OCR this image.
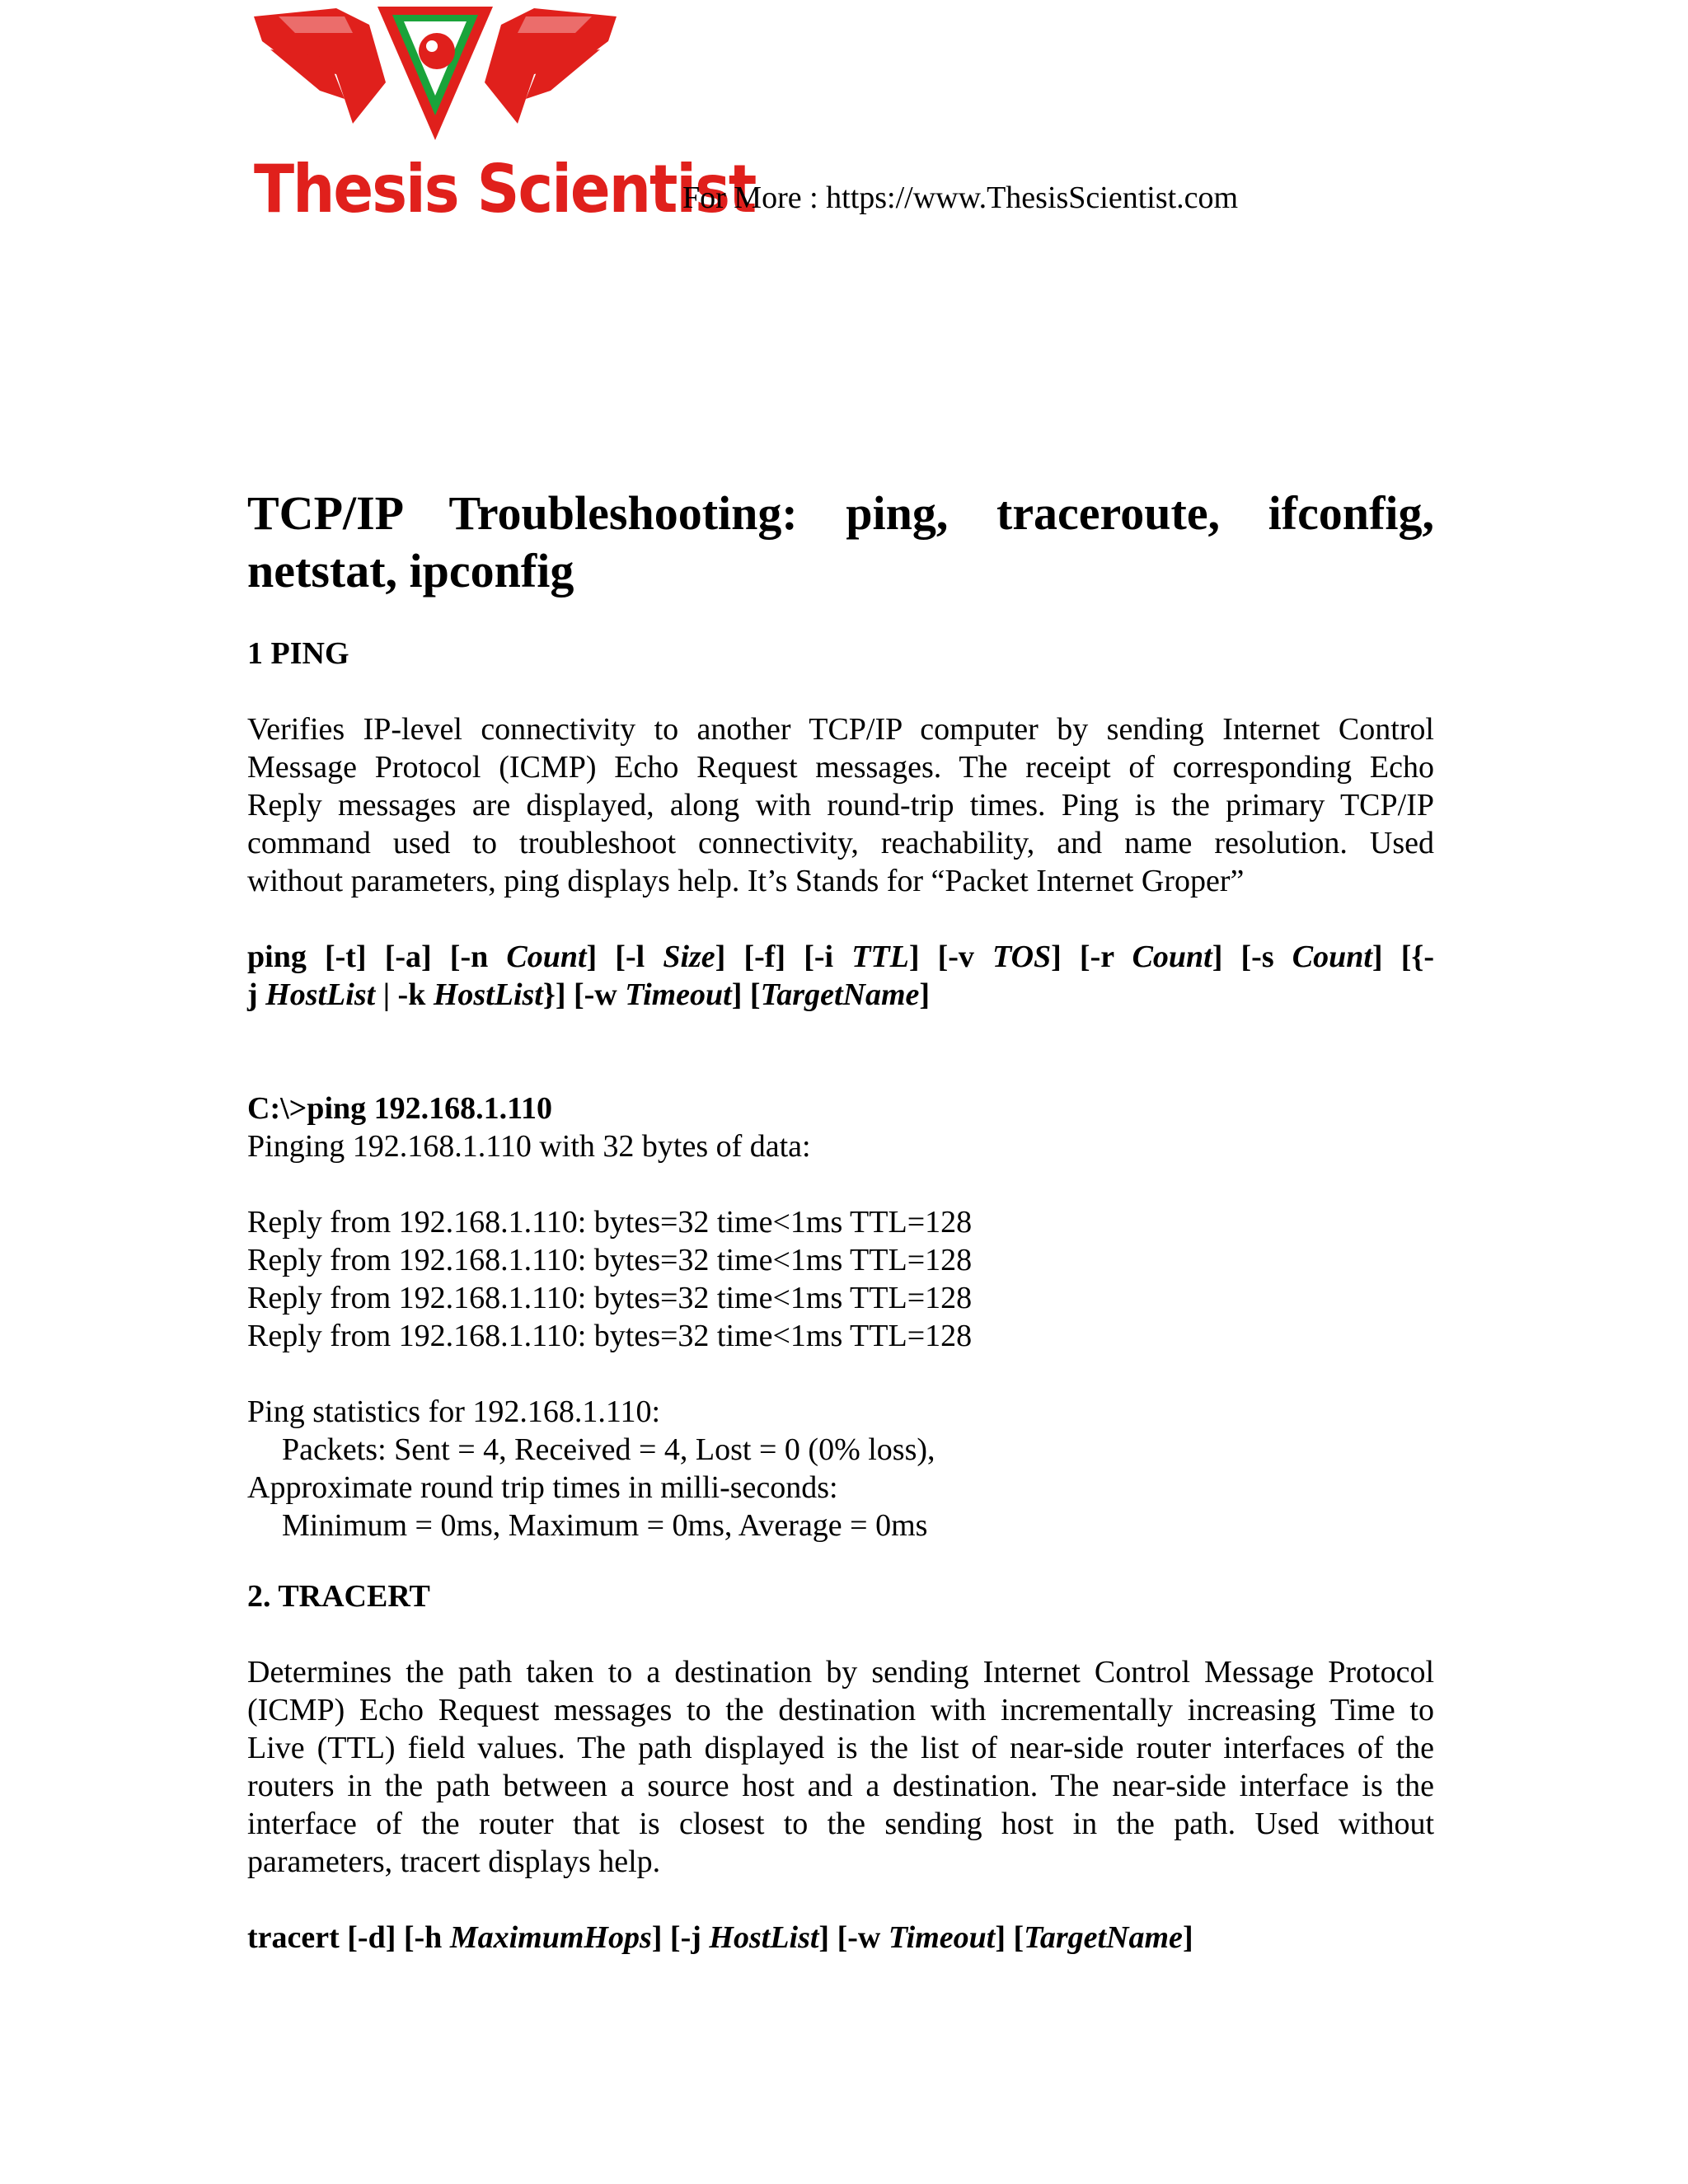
Thesis Scientist
For More : https://www.ThesisScientist.com
TCP/IP Troubleshooting: ping, traceroute, ifconfig,
netstat, ipconfig
1 PING
Verifies IP-level connectivity to another TCP/IP computer by sending Internet Control
Message Protocol (ICMP) Echo Request messages. The receipt of corresponding Echo
Reply messages are displayed, along with round-trip times. Ping is the primary TCP/IP
command used to troubleshoot connectivity, reachability, and name resolution. Used
without parameters, ping displays help. It’s Stands for “Packet Internet Groper”
ping [-t] [-a] [-n Count] [-l Size] [-f] [-i TTL] [-v TOS] [-r Count] [-s Count] [{-
j HostList | -k HostList}] [-w Timeout] [TargetName]
C:\>ping 192.168.1.110
Pinging 192.168.1.110 with 32 bytes of data:
Reply from 192.168.1.110: bytes=32 time<1ms TTL=128
Reply from 192.168.1.110: bytes=32 time<1ms TTL=128
Reply from 192.168.1.110: bytes=32 time<1ms TTL=128
Reply from 192.168.1.110: bytes=32 time<1ms TTL=128
Ping statistics for 192.168.1.110:
Packets: Sent = 4, Received = 4, Lost = 0 (0% loss),
Approximate round trip times in milli-seconds:
Minimum = 0ms, Maximum = 0ms, Average = 0ms
2. TRACERT
Determines the path taken to a destination by sending Internet Control Message Protocol
(ICMP) Echo Request messages to the destination with incrementally increasing Time to
Live (TTL) field values. The path displayed is the list of near-side router interfaces of the
routers in the path between a source host and a destination. The near-side interface is the
interface of the router that is closest to the sending host in the path. Used without
parameters, tracert displays help.
tracert [-d] [-h MaximumHops] [-j HostList] [-w Timeout] [TargetName]
